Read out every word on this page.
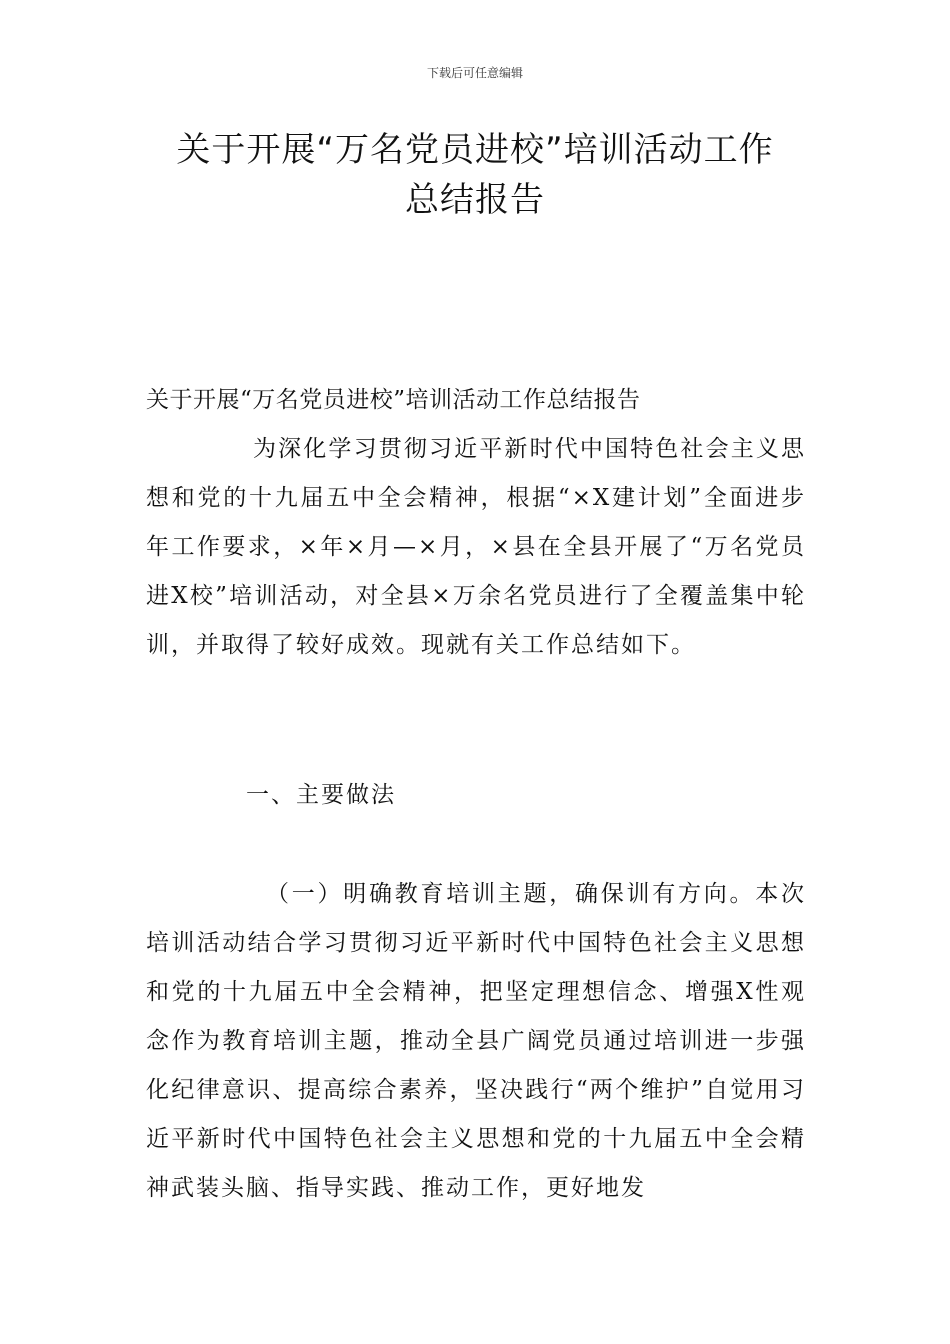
下载后可任意编辑
关于开展“万名党员进校”培训活动工作
总结报告

关于开展“万名党员进校”培训活动工作总结报告

为深化学习贯彻习近平新时代中国特色社会主义思想和党的十九届五中全会精神，根据“×X建计划”全面进步年工作要求，×年×月—×月，×县在全县开展了“万名党员进X校”培训活动，对全县×万余名党员进行了全覆盖集中轮训，并取得了较好成效。现就有关工作总结如下。

一、主要做法

（一）明确教育培训主题，确保训有方向。本次培训活动结合学习贯彻习近平新时代中国特色社会主义思想和党的十九届五中全会精神，把坚定理想信念、增强X性观念作为教育培训主题，推动全县广阔党员通过培训进一步强化纪律意识、提高综合素养，坚决践行“两个维护”自觉用习近平新时代中国特色社会主义思想和党的十九届五中全会精神武装头脑、指导实践、推动工作，更好地发
